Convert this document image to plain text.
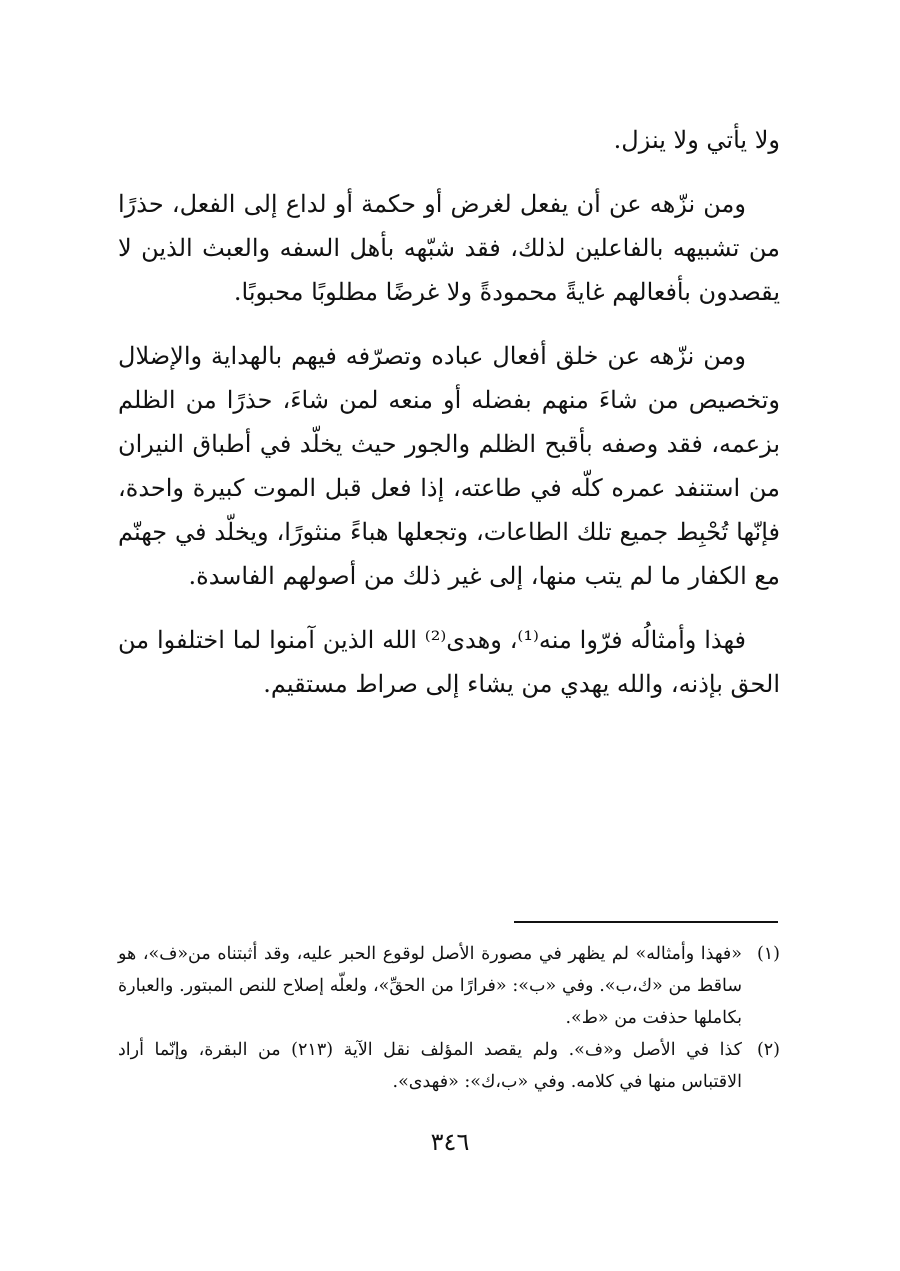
ولا يأتي ولا ينزل.

ومن نزّهه عن أن يفعل لغرض أو حكمة أو لداع إلى الفعل، حذرًا من تشبيهه بالفاعلين لذلك، فقد شبّهه بأهل السفه والعبث الذين لا يقصدون بأفعالهم غايةً محمودةً ولا غرضًا مطلوبًا محبوبًا.

ومن نزّهه عن خلق أفعال عباده وتصرّفه فيهم بالهداية والإضلال وتخصيص من شاءَ منهم بفضله أو منعه لمن شاءَ، حذرًا من الظلم بزعمه، فقد وصفه بأقبح الظلم والجور حيث يخلّد في أطباق النيران من استنفد عمره كلّه في طاعته، إذا فعل قبل الموت كبيرة واحدة، فإنّها تُحْبِط جميع تلك الطاعات، وتجعلها هباءً منثورًا، ويخلّد في جهنّم مع الكفار ما لم يتب منها، إلى غير ذلك من أصولهم الفاسدة.

فهذا وأمثالُه فرّوا منه⁽¹⁾، وهدى⁽²⁾ الله الذين آمنوا لما اختلفوا من الحق بإذنه، والله يهدي من يشاء إلى صراط مستقيم.

(١)

«فهذا وأمثاله» لم يظهر في مصورة الأصل لوقوع الحبر عليه، وقد أثبتناه من«ف»، هو ساقط من «ك،ب». وفي «ب»: «فرارًا من الحقِّ»، ولعلّه إصلاح للنص المبتور. والعبارة بكاملها حذفت من «ط».

(٢)

كذا في الأصل و«ف». ولم يقصد المؤلف نقل الآية (٢١٣) من البقرة، وإنّما أراد الاقتباس منها في كلامه. وفي «ب،ك»: «فهدى».

٣٤٦
